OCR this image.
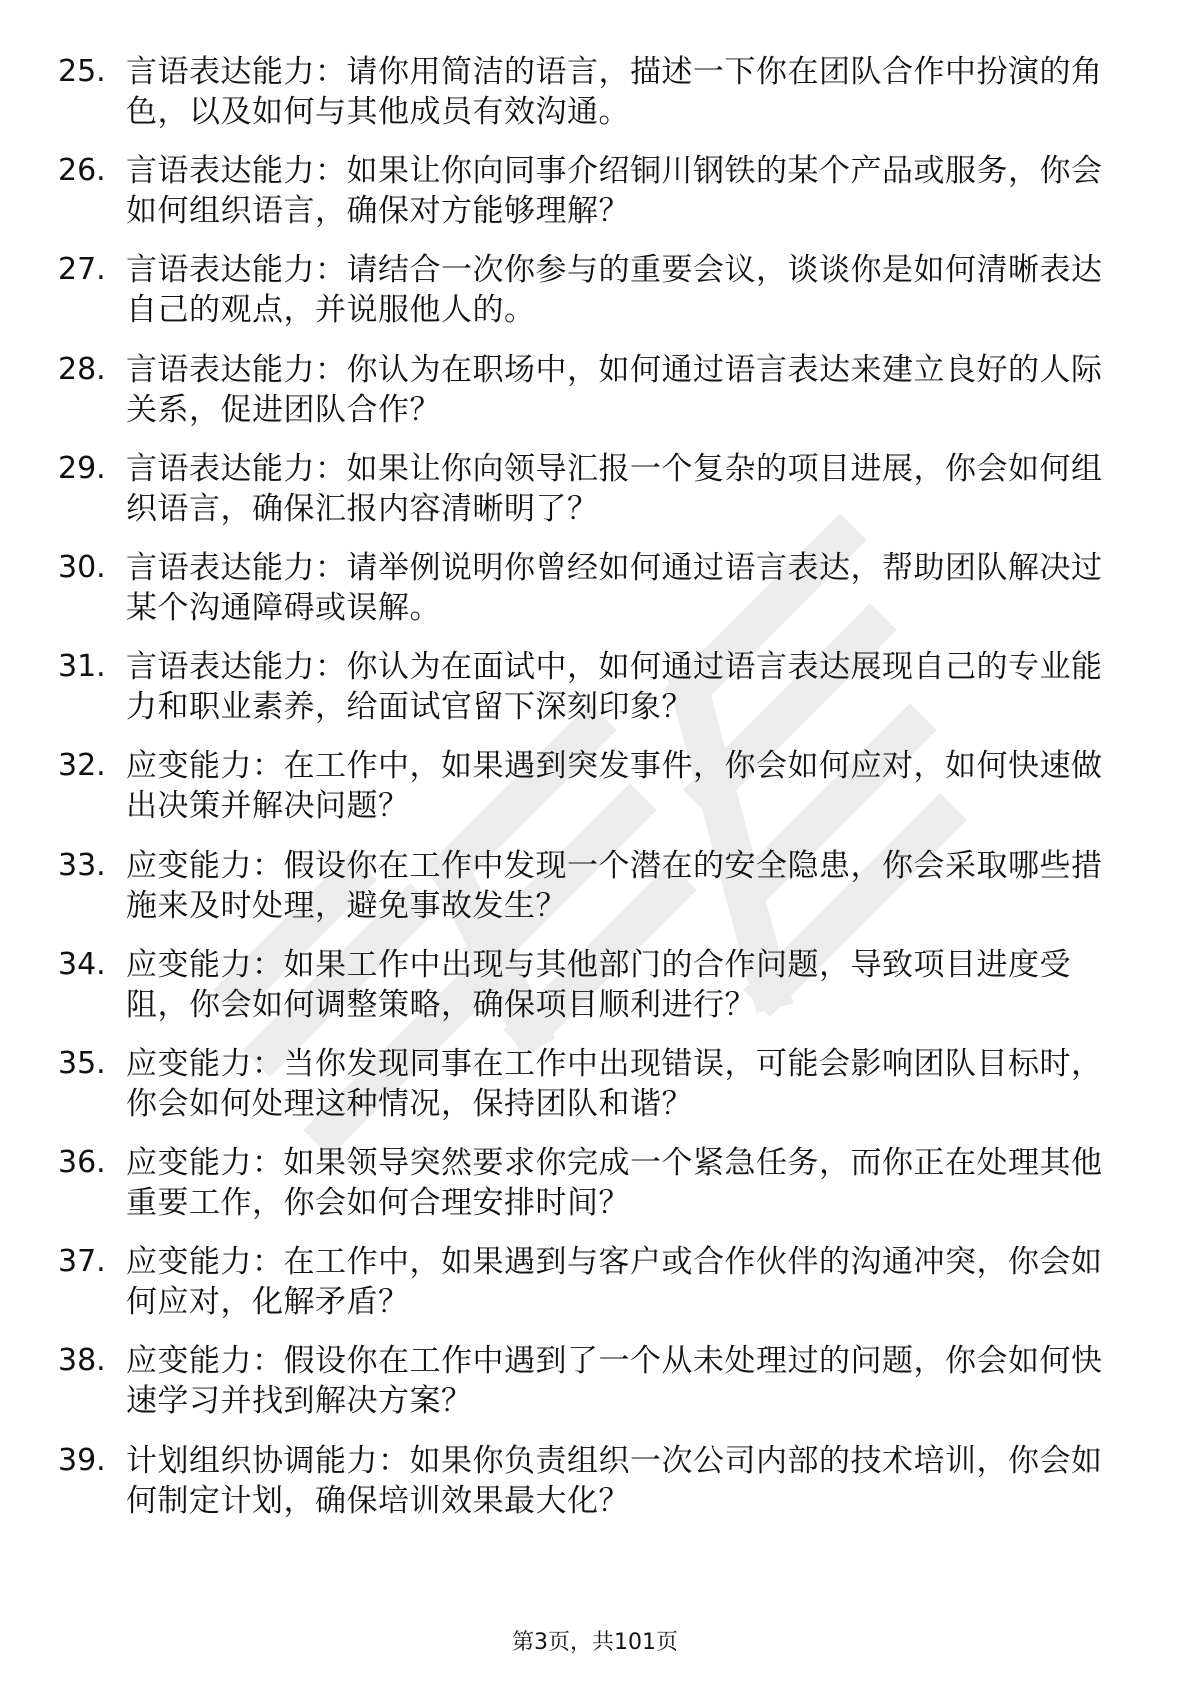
25. 言语表达能力：请你用简洁的语言，描述一下你在团队合作中扮演的角色，以及如何与其他成员有效沟通。
26. 言语表达能力：如果让你向同事介绍铜川钢铁的某个产品或服务，你会如何组织语言，确保对方能够理解？
27. 言语表达能力：请结合一次你参与的重要会议，谈谈你是如何清晰表达自己的观点，并说服他人的。
28. 言语表达能力：你认为在职场中，如何通过语言表达来建立良好的人际关系，促进团队合作？
29. 言语表达能力：如果让你向领导汇报一个复杂的项目进展，你会如何组织语言，确保汇报内容清晰明了？
30. 言语表达能力：请举例说明你曾经如何通过语言表达，帮助团队解决过某个沟通障碍或误解。
31. 言语表达能力：你认为在面试中，如何通过语言表达展现自己的专业能力和职业素养，给面试官留下深刻印象？
32. 应变能力：在工作中，如果遇到突发事件，你会如何应对，如何快速做出决策并解决问题？
33. 应变能力：假设你在工作中发现一个潜在的安全隐患，你会采取哪些措施来及时处理，避免事故发生？
34. 应变能力：如果工作中出现与其他部门的合作问题，导致项目进度受阻，你会如何调整策略，确保项目顺利进行？
35. 应变能力：当你发现同事在工作中出现错误，可能会影响团队目标时，你会如何处理这种情况，保持团队和谐？
36. 应变能力：如果领导突然要求你完成一个紧急任务，而你正在处理其他重要工作，你会如何合理安排时间？
37. 应变能力：在工作中，如果遇到与客户或合作伙伴的沟通冲突，你会如何应对，化解矛盾？
38. 应变能力：假设你在工作中遇到了一个从未处理过的问题，你会如何快速学习并找到解决方案？
39. 计划组织协调能力：如果你负责组织一次公司内部的技术培训，你会如何制定计划，确保培训效果最大化？
第3页，共101页
